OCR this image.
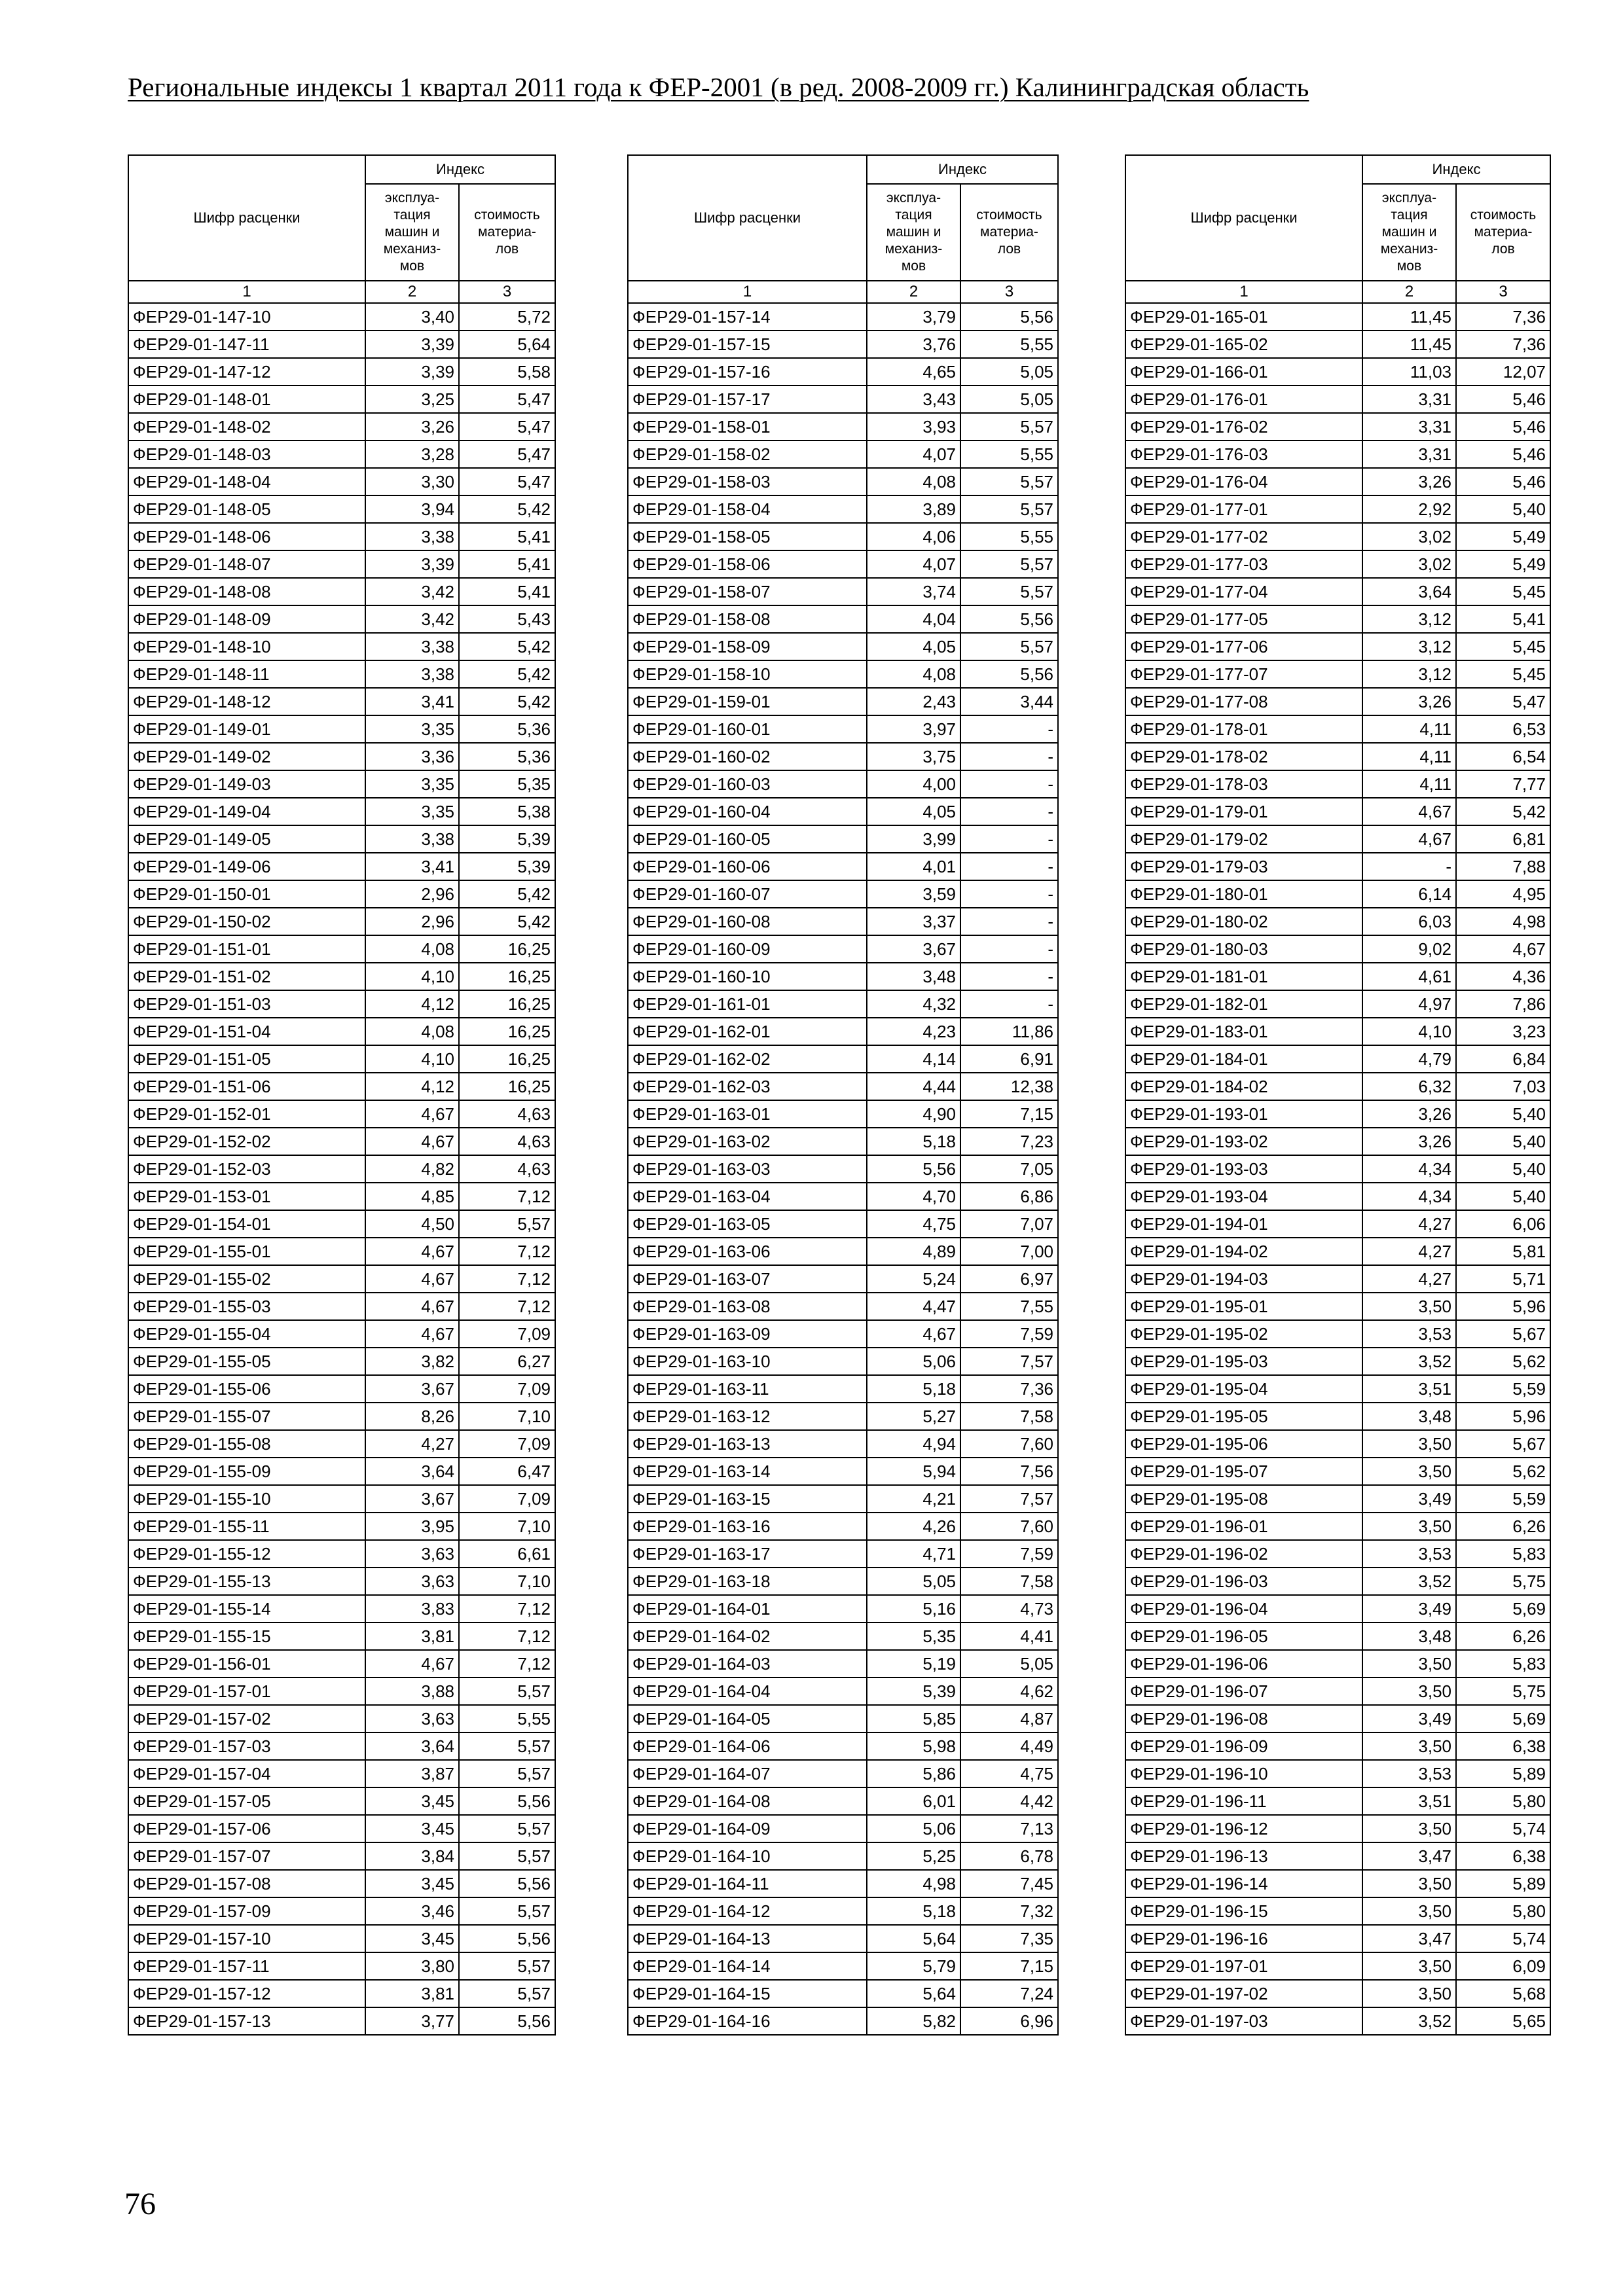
Региональные индексы 1 квартал 2011 года к ФЕР-2001 (в ред. 2008-2009 гг.) Калининградская область
Шифр расценки	Индекс	

	эксплуа-
тация
машин и
механиз-
мов	стоимость
материа-
лов

1	2	3
ФЕР29-01-147-10	3,40	5,72
ФЕР29-01-147-11	3,39	5,64
ФЕР29-01-147-12	3,39	5,58
ФЕР29-01-148-01	3,25	5,47
ФЕР29-01-148-02	3,26	5,47
ФЕР29-01-148-03	3,28	5,47
ФЕР29-01-148-04	3,30	5,47
ФЕР29-01-148-05	3,94	5,42
ФЕР29-01-148-06	3,38	5,41
ФЕР29-01-148-07	3,39	5,41
ФЕР29-01-148-08	3,42	5,41
ФЕР29-01-148-09	3,42	5,43
ФЕР29-01-148-10	3,38	5,42
ФЕР29-01-148-11	3,38	5,42
ФЕР29-01-148-12	3,41	5,42
ФЕР29-01-149-01	3,35	5,36
ФЕР29-01-149-02	3,36	5,36
ФЕР29-01-149-03	3,35	5,35
ФЕР29-01-149-04	3,35	5,38
ФЕР29-01-149-05	3,38	5,39
ФЕР29-01-149-06	3,41	5,39
ФЕР29-01-150-01	2,96	5,42
ФЕР29-01-150-02	2,96	5,42
ФЕР29-01-151-01	4,08	16,25
ФЕР29-01-151-02	4,10	16,25
ФЕР29-01-151-03	4,12	16,25
ФЕР29-01-151-04	4,08	16,25
ФЕР29-01-151-05	4,10	16,25
ФЕР29-01-151-06	4,12	16,25
ФЕР29-01-152-01	4,67	4,63
ФЕР29-01-152-02	4,67	4,63
ФЕР29-01-152-03	4,82	4,63
ФЕР29-01-153-01	4,85	7,12
ФЕР29-01-154-01	4,50	5,57
ФЕР29-01-155-01	4,67	7,12
ФЕР29-01-155-02	4,67	7,12
ФЕР29-01-155-03	4,67	7,12
ФЕР29-01-155-04	4,67	7,09
ФЕР29-01-155-05	3,82	6,27
ФЕР29-01-155-06	3,67	7,09
ФЕР29-01-155-07	8,26	7,10
ФЕР29-01-155-08	4,27	7,09
ФЕР29-01-155-09	3,64	6,47
ФЕР29-01-155-10	3,67	7,09
ФЕР29-01-155-11	3,95	7,10
ФЕР29-01-155-12	3,63	6,61
ФЕР29-01-155-13	3,63	7,10
ФЕР29-01-155-14	3,83	7,12
ФЕР29-01-155-15	3,81	7,12
ФЕР29-01-156-01	4,67	7,12
ФЕР29-01-157-01	3,88	5,57
ФЕР29-01-157-02	3,63	5,55
ФЕР29-01-157-03	3,64	5,57
ФЕР29-01-157-04	3,87	5,57
ФЕР29-01-157-05	3,45	5,56
ФЕР29-01-157-06	3,45	5,57
ФЕР29-01-157-07	3,84	5,57
ФЕР29-01-157-08	3,45	5,56
ФЕР29-01-157-09	3,46	5,57
ФЕР29-01-157-10	3,45	5,56
ФЕР29-01-157-11	3,80	5,57
ФЕР29-01-157-12	3,81	5,57
ФЕР29-01-157-13	3,77	5,56
Шифр расценки	Индекс	

	эксплуа-
тация
машин и
механиз-
мов	стоимость
материа-
лов

1	2	3
ФЕР29-01-157-14	3,79	5,56
ФЕР29-01-157-15	3,76	5,55
ФЕР29-01-157-16	4,65	5,05
ФЕР29-01-157-17	3,43	5,05
ФЕР29-01-158-01	3,93	5,57
ФЕР29-01-158-02	4,07	5,55
ФЕР29-01-158-03	4,08	5,57
ФЕР29-01-158-04	3,89	5,57
ФЕР29-01-158-05	4,06	5,55
ФЕР29-01-158-06	4,07	5,57
ФЕР29-01-158-07	3,74	5,57
ФЕР29-01-158-08	4,04	5,56
ФЕР29-01-158-09	4,05	5,57
ФЕР29-01-158-10	4,08	5,56
ФЕР29-01-159-01	2,43	3,44
ФЕР29-01-160-01	3,97	-
ФЕР29-01-160-02	3,75	-
ФЕР29-01-160-03	4,00	-
ФЕР29-01-160-04	4,05	-
ФЕР29-01-160-05	3,99	-
ФЕР29-01-160-06	4,01	-
ФЕР29-01-160-07	3,59	-
ФЕР29-01-160-08	3,37	-
ФЕР29-01-160-09	3,67	-
ФЕР29-01-160-10	3,48	-
ФЕР29-01-161-01	4,32	-
ФЕР29-01-162-01	4,23	11,86
ФЕР29-01-162-02	4,14	6,91
ФЕР29-01-162-03	4,44	12,38
ФЕР29-01-163-01	4,90	7,15
ФЕР29-01-163-02	5,18	7,23
ФЕР29-01-163-03	5,56	7,05
ФЕР29-01-163-04	4,70	6,86
ФЕР29-01-163-05	4,75	7,07
ФЕР29-01-163-06	4,89	7,00
ФЕР29-01-163-07	5,24	6,97
ФЕР29-01-163-08	4,47	7,55
ФЕР29-01-163-09	4,67	7,59
ФЕР29-01-163-10	5,06	7,57
ФЕР29-01-163-11	5,18	7,36
ФЕР29-01-163-12	5,27	7,58
ФЕР29-01-163-13	4,94	7,60
ФЕР29-01-163-14	5,94	7,56
ФЕР29-01-163-15	4,21	7,57
ФЕР29-01-163-16	4,26	7,60
ФЕР29-01-163-17	4,71	7,59
ФЕР29-01-163-18	5,05	7,58
ФЕР29-01-164-01	5,16	4,73
ФЕР29-01-164-02	5,35	4,41
ФЕР29-01-164-03	5,19	5,05
ФЕР29-01-164-04	5,39	4,62
ФЕР29-01-164-05	5,85	4,87
ФЕР29-01-164-06	5,98	4,49
ФЕР29-01-164-07	5,86	4,75
ФЕР29-01-164-08	6,01	4,42
ФЕР29-01-164-09	5,06	7,13
ФЕР29-01-164-10	5,25	6,78
ФЕР29-01-164-11	4,98	7,45
ФЕР29-01-164-12	5,18	7,32
ФЕР29-01-164-13	5,64	7,35
ФЕР29-01-164-14	5,79	7,15
ФЕР29-01-164-15	5,64	7,24
ФЕР29-01-164-16	5,82	6,96
Шифр расценки	Индекс	

	эксплуа-
тация
машин и
механиз-
мов	стоимость
материа-
лов

1	2	3
ФЕР29-01-165-01	11,45	7,36
ФЕР29-01-165-02	11,45	7,36
ФЕР29-01-166-01	11,03	12,07
ФЕР29-01-176-01	3,31	5,46
ФЕР29-01-176-02	3,31	5,46
ФЕР29-01-176-03	3,31	5,46
ФЕР29-01-176-04	3,26	5,46
ФЕР29-01-177-01	2,92	5,40
ФЕР29-01-177-02	3,02	5,49
ФЕР29-01-177-03	3,02	5,49
ФЕР29-01-177-04	3,64	5,45
ФЕР29-01-177-05	3,12	5,41
ФЕР29-01-177-06	3,12	5,45
ФЕР29-01-177-07	3,12	5,45
ФЕР29-01-177-08	3,26	5,47
ФЕР29-01-178-01	4,11	6,53
ФЕР29-01-178-02	4,11	6,54
ФЕР29-01-178-03	4,11	7,77
ФЕР29-01-179-01	4,67	5,42
ФЕР29-01-179-02	4,67	6,81
ФЕР29-01-179-03	-	7,88
ФЕР29-01-180-01	6,14	4,95
ФЕР29-01-180-02	6,03	4,98
ФЕР29-01-180-03	9,02	4,67
ФЕР29-01-181-01	4,61	4,36
ФЕР29-01-182-01	4,97	7,86
ФЕР29-01-183-01	4,10	3,23
ФЕР29-01-184-01	4,79	6,84
ФЕР29-01-184-02	6,32	7,03
ФЕР29-01-193-01	3,26	5,40
ФЕР29-01-193-02	3,26	5,40
ФЕР29-01-193-03	4,34	5,40
ФЕР29-01-193-04	4,34	5,40
ФЕР29-01-194-01	4,27	6,06
ФЕР29-01-194-02	4,27	5,81
ФЕР29-01-194-03	4,27	5,71
ФЕР29-01-195-01	3,50	5,96
ФЕР29-01-195-02	3,53	5,67
ФЕР29-01-195-03	3,52	5,62
ФЕР29-01-195-04	3,51	5,59
ФЕР29-01-195-05	3,48	5,96
ФЕР29-01-195-06	3,50	5,67
ФЕР29-01-195-07	3,50	5,62
ФЕР29-01-195-08	3,49	5,59
ФЕР29-01-196-01	3,50	6,26
ФЕР29-01-196-02	3,53	5,83
ФЕР29-01-196-03	3,52	5,75
ФЕР29-01-196-04	3,49	5,69
ФЕР29-01-196-05	3,48	6,26
ФЕР29-01-196-06	3,50	5,83
ФЕР29-01-196-07	3,50	5,75
ФЕР29-01-196-08	3,49	5,69
ФЕР29-01-196-09	3,50	6,38
ФЕР29-01-196-10	3,53	5,89
ФЕР29-01-196-11	3,51	5,80
ФЕР29-01-196-12	3,50	5,74
ФЕР29-01-196-13	3,47	6,38
ФЕР29-01-196-14	3,50	5,89
ФЕР29-01-196-15	3,50	5,80
ФЕР29-01-196-16	3,47	5,74
ФЕР29-01-197-01	3,50	6,09
ФЕР29-01-197-02	3,50	5,68
ФЕР29-01-197-03	3,52	5,65
76
